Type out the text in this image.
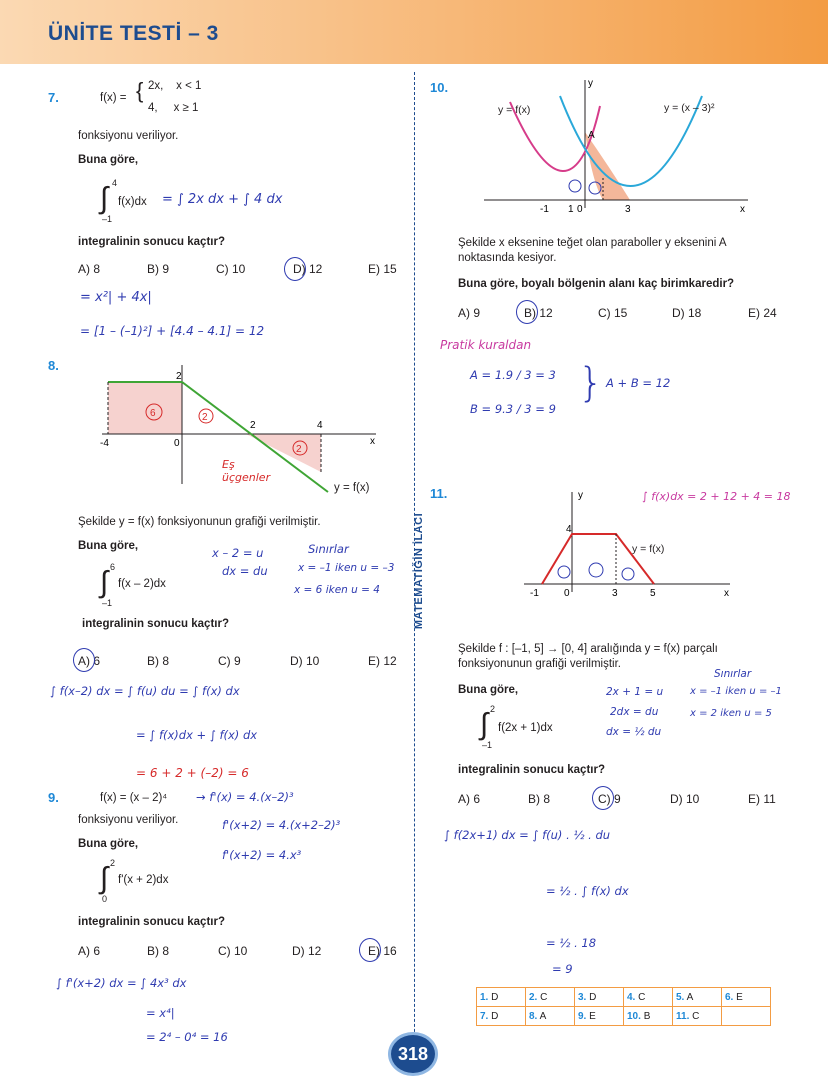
ÜNİTE TESTİ – 3
MATEMATİĞİN İLACI
7.	f(x) = { 2x,    x < 1
4,     x ≥ 1
fonksiyonu veriliyor.
Buna göre,
4
∫
–1
f(x)dx = ∫ 2x dx + ∫ 4 dx
integralinin sonucu kaçtır?
A) 8	B) 9	C) 10	D) 12	E) 15
= x²| + 4x|
= [1 – (–1)²] + [4.4 – 4.1] = 12
8.
2
-4	0
2	4
x
6	2
2
y = f(x)
Eş üçgenler
Şekilde y = f(x) fonksiyonunun grafiği verilmiştir.
Buna göre,
6
∫
–1
f(x – 2)dx
x – 2 = u
dx = du
Sınırlar
x = –1 iken u = –3
x = 6 iken u = 4
integralinin sonucu kaçtır?
A) 6	B) 8	C) 9	D) 10	E) 12
∫ f(x–2) dx = ∫ f(u) du = ∫ f(x) dx
= ∫ f(x)dx + ∫ f(x) dx
= 6 + 2 + (–2) = 6
9.	f(x) = (x – 2)⁴	→ f'(x) = 4.(x–2)³
fonksiyonu veriliyor.	f'(x+2) = 4.(x+2–2)³
Buna göre,
f'(x+2) = 4.x³
2
∫
0
f'(x + 2)dx
integralinin sonucu kaçtır?
A) 6	B) 8	C) 10	D) 12	E) 16
∫ f'(x+2) dx = ∫ 4x³ dx
= x⁴|
= 2⁴ – 0⁴ = 16
10.
A
-1 1 0	3	x
y
y = f(x)	y = (x – 3)²
Şekilde x eksenine teğet olan paraboller y eksenini A noktasında kesiyor.
Buna göre, boyalı bölgenin alanı kaç birimkaredir?
A) 9	B) 12	C) 15	D) 18	E) 24
Pratik kuraldan
A = 1.9 / 3 = 3
B = 9.3 / 3 = 9
} A + B = 12
11.	∫ f(x)dx = 2 + 12 + 4 = 18
4
-1	0	3	5	x
y
y = f(x)
Şekilde f : [–1, 5] → [0, 4] aralığında y = f(x) parçalı fonksiyonunun grafiği verilmiştir.
Buna göre,	2x + 1 = u
2dx = du
dx = ½ du
Sınırlar
x = –1 iken u = –1
x = 2 iken u = 5
2
∫
–1
f(2x + 1)dx
integralinin sonucu kaçtır?
A) 6	B) 8	C) 9	D) 10	E) 11
∫ f(2x+1) dx = ∫ f(u) . ½ . du
= ½ . ∫ f(x) dx
= ½ . 18
= 9
1. D	2. C	3. D	4. C	5. A	6. E
7. D	8. A	9. E	10. B	11. C	
318
